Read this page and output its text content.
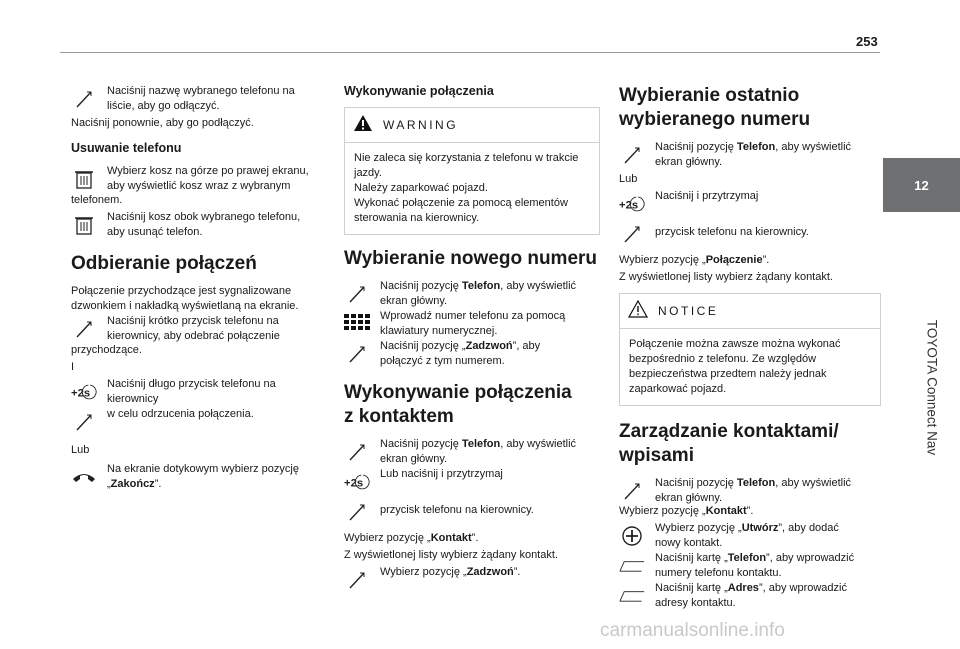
253
12
TOYOTA Connect Nav

Naciśnij nazwę wybranego telefonu na

liście, aby go odłączyć.

Naciśnij ponownie, aby go podłączyć.

Usuwanie telefonu

Wybierz kosz na górze po prawej ekranu,

aby wyświetlić kosz wraz z wybranym

telefonem.

Naciśnij kosz obok wybranego telefonu,

aby usunąć telefon.

Odbieranie połączeń

Połączenie przychodzące jest sygnalizowane dzwonkiem i nakładką wyświetlaną na ekranie.

Naciśnij krótko przycisk telefonu na

kierownicy, aby odebrać połączenie

przychodzące.

I

+2s

Naciśnij długo przycisk telefonu na

kierownicy

w celu odrzucenia połączenia.

Lub

Na ekranie dotykowym wybierz pozycję

„Zakończ”.

Wykonywanie połączenia
WARNING

Nie zaleca się korzystania z telefonu w trakcie jazdy.

Należy zaparkować pojazd.

Wykonać połączenie za pomocą elementów sterowania na kierownicy.

Wybieranie nowego numeru

Naciśnij pozycję Telefon, aby wyświetlić

ekran główny.

Wprowadź numer telefonu za pomocą

klawiatury numerycznej.

Naciśnij pozycję „Zadzwoń”, aby

połączyć z tym numerem.

Wykonywanie połączenia
z kontaktem

Naciśnij pozycję Telefon, aby wyświetlić

ekran główny.

+2s

Lub naciśnij i przytrzymaj

przycisk telefonu na kierownicy.

Wybierz pozycję „Kontakt”.

Z wyświetlonej listy wybierz żądany kontakt.

Wybierz pozycję „Zadzwoń”.

Wybieranie ostatnio
wybieranego numeru

Naciśnij pozycję Telefon, aby wyświetlić

ekran główny.

Lub

+2s

Naciśnij i przytrzymaj

przycisk telefonu na kierownicy.

Wybierz pozycję „Połączenie”.

Z wyświetlonej listy wybierz żądany kontakt.

NOTICE

Połączenie można zawsze można wykonać bezpośrednio z telefonu. Ze względów bezpieczeństwa przedtem należy jednak zaparkować pojazd.

Zarządzanie kontaktami/
wpisami

Naciśnij pozycję Telefon, aby wyświetlić

ekran główny.

Wybierz pozycję „Kontakt”.

Wybierz pozycję „Utwórz”, aby dodać

nowy kontakt.

Naciśnij kartę „Telefon”, aby wprowadzić

numery telefonu kontaktu.

Naciśnij kartę „Adres”, aby wprowadzić

adresy kontaktu.

carmanualsonline.info
